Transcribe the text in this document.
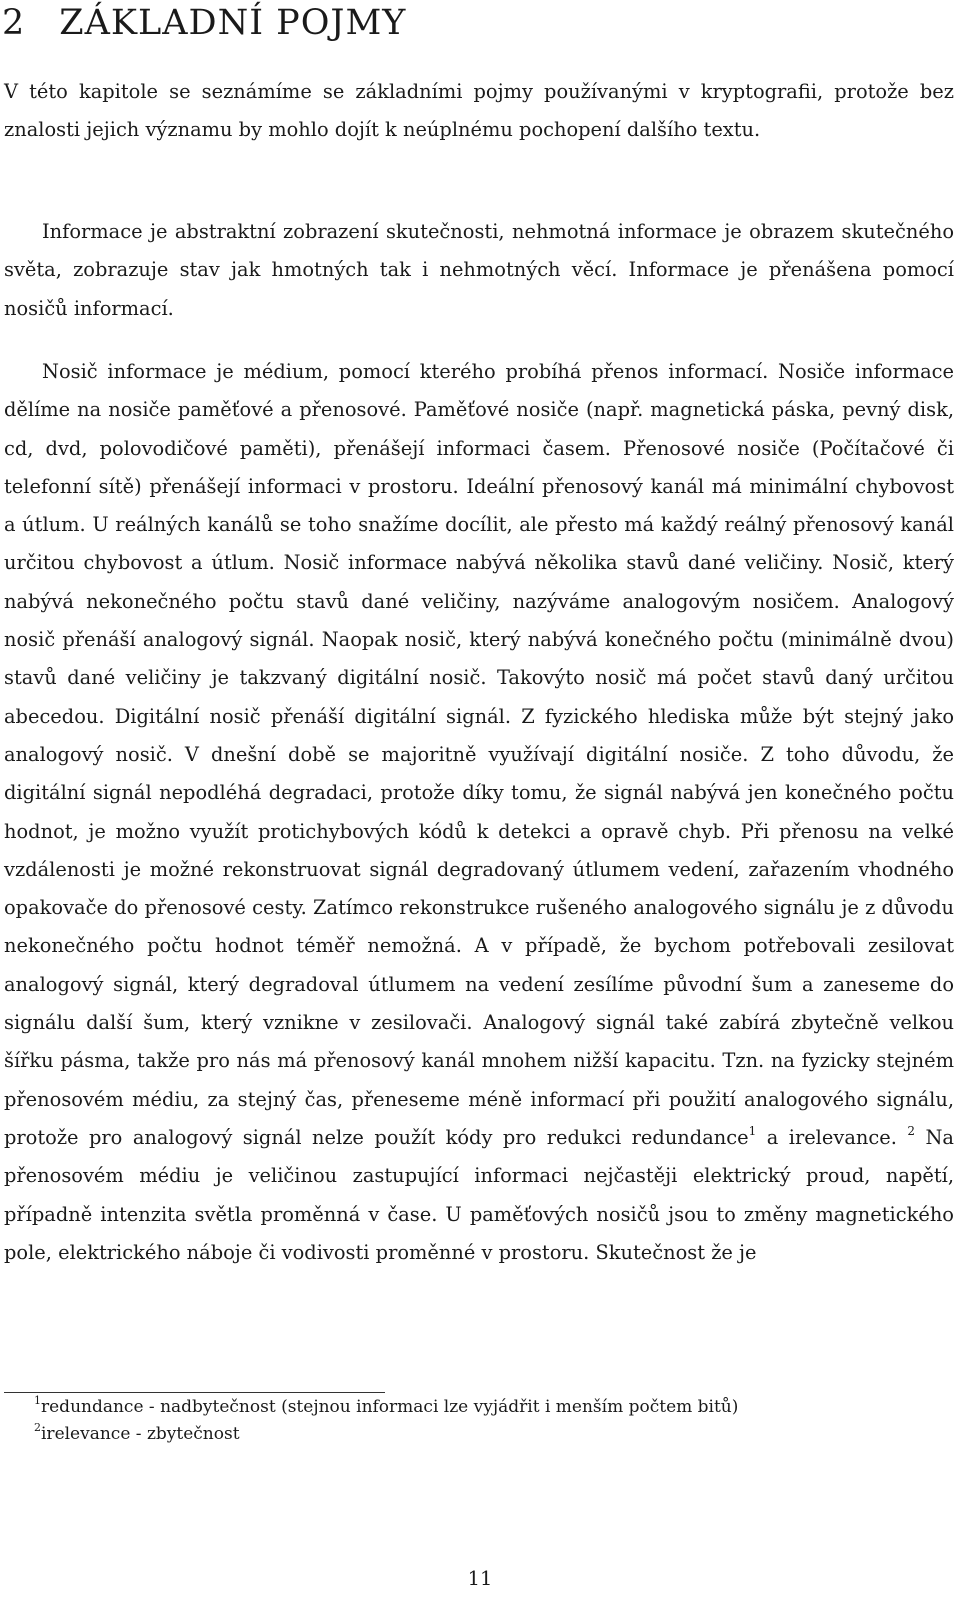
2 ZÁKLADNÍ POJMY

V této kapitole se seznámíme se základními pojmy používanými v kryptografii, protože bez znalosti jejich významu by mohlo dojít k neúplnému pochopení dalšího textu.

Informace je abstraktní zobrazení skutečnosti, nehmotná informace je obrazem skutečného světa, zobrazuje stav jak hmotných tak i nehmotných věcí. Informace je přenášena pomocí nosičů informací.

Nosič informace je médium, pomocí kterého probíhá přenos informací. Nosiče informace dělíme na nosiče paměťové a přenosové. Paměťové nosiče (např. magnetická páska, pevný disk, cd, dvd, polovodičové paměti), přenášejí informaci časem. Přenosové nosiče (Počítačové či telefonní sítě) přenášejí informaci v prostoru. Ideální přenosový kanál má minimální chybovost a útlum. U reálných kanálů se toho snažíme docílit, ale přesto má každý reálný přenosový kanál určitou chybovost a útlum. Nosič informace nabývá několika stavů dané veličiny. Nosič, který nabývá nekonečného počtu stavů dané veličiny, nazýváme analogovým nosičem. Analogový nosič přenáší analogový signál. Naopak nosič, který nabývá konečného počtu (minimálně dvou) stavů dané veličiny je takzvaný digitální nosič. Takovýto nosič má počet stavů daný určitou abecedou. Digitální nosič přenáší digitální signál. Z fyzického hlediska může být stejný jako analogový nosič. V dnešní době se majoritně využívají digitální nosiče. Z toho důvodu, že digitální signál nepodléhá degradaci, protože díky tomu, že signál nabývá jen konečného počtu hodnot, je možno využít protichybových kódů k detekci a opravě chyb. Při přenosu na velké vzdálenosti je možné rekonstruovat signál degradovaný útlumem vedení, zařazením vhodného opakovače do přenosové cesty. Zatímco rekonstrukce rušeného analogového signálu je z důvodu nekonečného počtu hodnot téměř nemožná. A v případě, že bychom potřebovali zesilovat analogový signál, který degradoval útlumem na vedení zesílíme původní šum a zaneseme do signálu další šum, který vznikne v zesilovači. Analogový signál také zabírá zbytečně velkou šířku pásma, takže pro nás má přenosový kanál mnohem nižší kapacitu. Tzn. na fyzicky stejném přenosovém médiu, za stejný čas, přeneseme méně informací při použití analogového signálu, protože pro analogový signál nelze použít kódy pro redukci redundance$^1$ a irelevance. $^2$ Na přenosovém médiu je veličinou zastupující informaci nejčastěji elektrický proud, napětí, případně intenzita světla proměnná v čase. U paměťových nosičů jsou to změny magnetického pole, elektrického náboje či vodivosti proměnné v prostoru. Skutečnost že je

$^1$redundance - nadbytečnost (stejnou informaci lze vyjádřit i menším počtem bitů)
$^2$irelevance - zbytečnost
11
